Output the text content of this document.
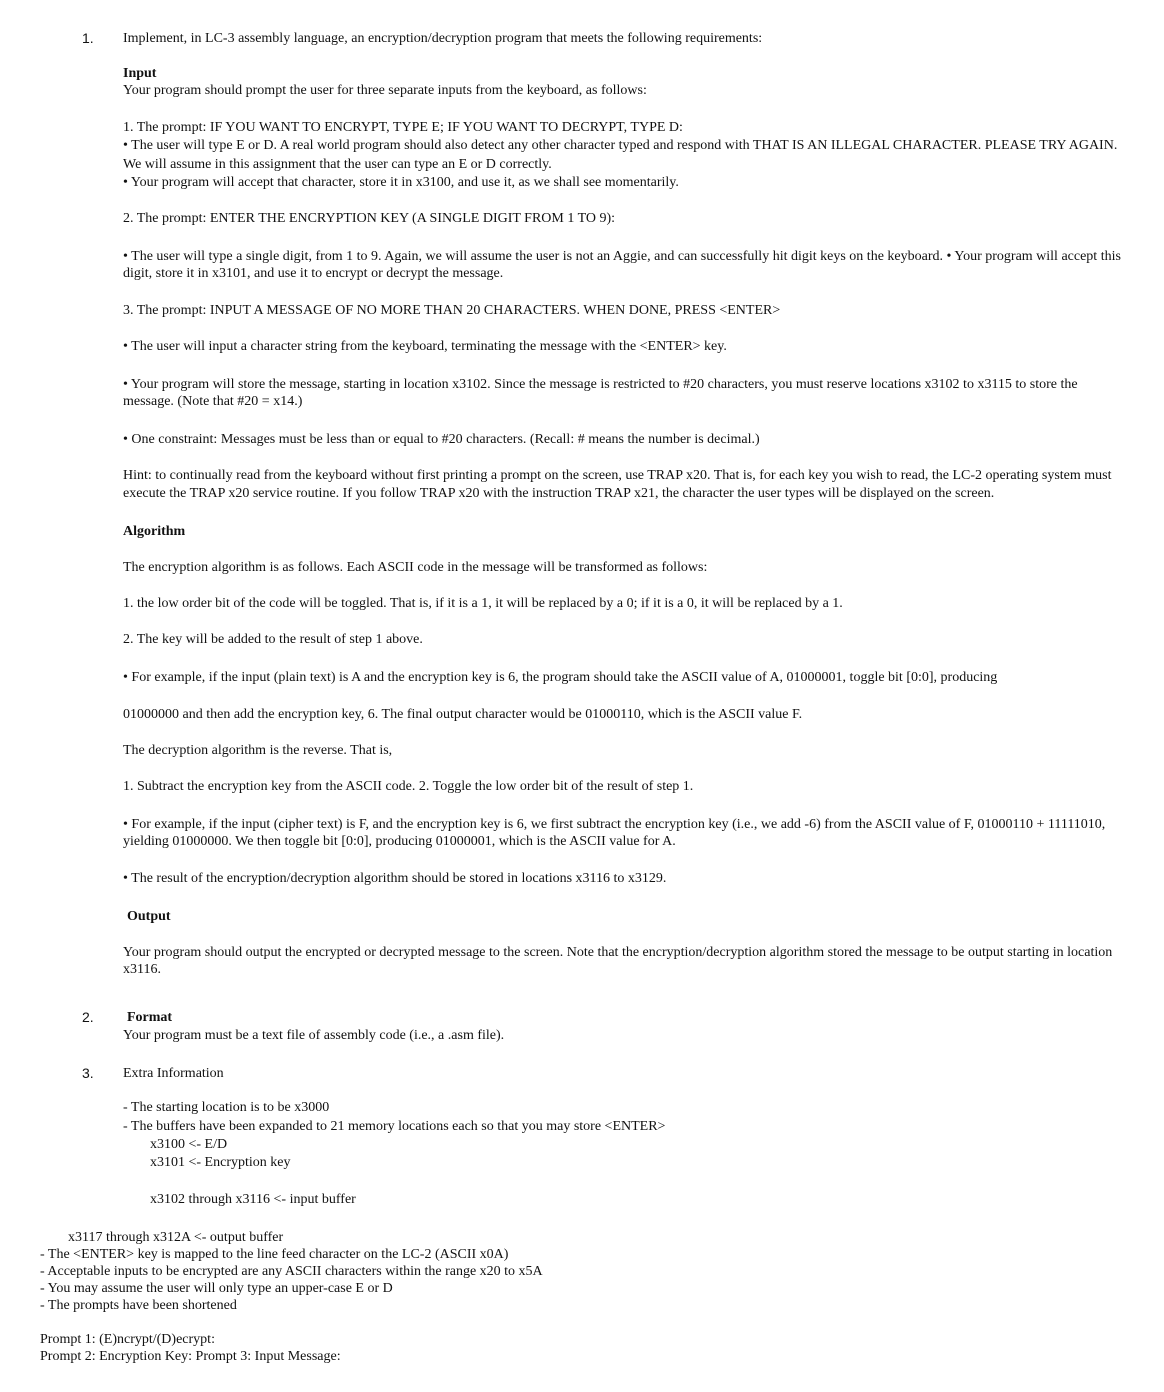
1. Implement, in LC-3 assembly language, an encryption/decryption program that meets the following requirements:
Input
Your program should prompt the user for three separate inputs from the keyboard, as follows:
1. The prompt: IF YOU WANT TO ENCRYPT, TYPE E; IF YOU WANT TO DECRYPT, TYPE D:
• The user will type E or D. A real world program should also detect any other character typed and respond with THAT IS AN ILLEGAL CHARACTER. PLEASE TRY AGAIN.
We will assume in this assignment that the user can type an E or D correctly.
• Your program will accept that character, store it in x3100, and use it, as we shall see momentarily.
2. The prompt: ENTER THE ENCRYPTION KEY (A SINGLE DIGIT FROM 1 TO 9):
• The user will type a single digit, from 1 to 9. Again, we will assume the user is not an Aggie, and can successfully hit digit keys on the keyboard. • Your program will accept this
digit, store it in x3101, and use it to encrypt or decrypt the message.
3. The prompt: INPUT A MESSAGE OF NO MORE THAN 20 CHARACTERS. WHEN DONE, PRESS <ENTER>
• The user will input a character string from the keyboard, terminating the message with the <ENTER> key.
• Your program will store the message, starting in location x3102. Since the message is restricted to #20 characters, you must reserve locations x3102 to x3115 to store the
message. (Note that #20 = x14.)
• One constraint: Messages must be less than or equal to #20 characters. (Recall: # means the number is decimal.)
Hint: to continually read from the keyboard without first printing a prompt on the screen, use TRAP x20. That is, for each key you wish to read, the LC-2 operating system must
execute the TRAP x20 service routine. If you follow TRAP x20 with the instruction TRAP x21, the character the user types will be displayed on the screen.
Algorithm
The encryption algorithm is as follows. Each ASCII code in the message will be transformed as follows:
1. the low order bit of the code will be toggled. That is, if it is a 1, it will be replaced by a 0; if it is a 0, it will be replaced by a 1.
2. The key will be added to the result of step 1 above.
• For example, if the input (plain text) is A and the encryption key is 6, the program should take the ASCII value of A, 01000001, toggle bit [0:0], producing
01000000 and then add the encryption key, 6. The final output character would be 01000110, which is the ASCII value F.
The decryption algorithm is the reverse. That is,
1. Subtract the encryption key from the ASCII code. 2. Toggle the low order bit of the result of step 1.
• For example, if the input (cipher text) is F, and the encryption key is 6, we first subtract the encryption key (i.e., we add -6) from the ASCII value of F, 01000110 + 11111010,
yielding 01000000. We then toggle bit [0:0], producing 01000001, which is the ASCII value for A.
• The result of the encryption/decryption algorithm should be stored in locations x3116 to x3129.
Output
Your program should output the encrypted or decrypted message to the screen. Note that the encryption/decryption algorithm stored the message to be output starting in location
x3116.
2. Format
Your program must be a text file of assembly code (i.e., a .asm file).
3. Extra Information
- The starting location is to be x3000
- The buffers have been expanded to 21 memory locations each so that you may store <ENTER>
x3100 <- E/D
x3101 <- Encryption key
x3102 through x3116 <- input buffer
x3117 through x312A <- output buffer
- The <ENTER> key is mapped to the line feed character on the LC-2 (ASCII x0A)
- Acceptable inputs to be encrypted are any ASCII characters within the range x20 to x5A
- You may assume the user will only type an upper-case E or D
- The prompts have been shortened
Prompt 1: (E)ncrypt/(D)ecrypt:
Prompt 2: Encryption Key: Prompt 3: Input Message:
